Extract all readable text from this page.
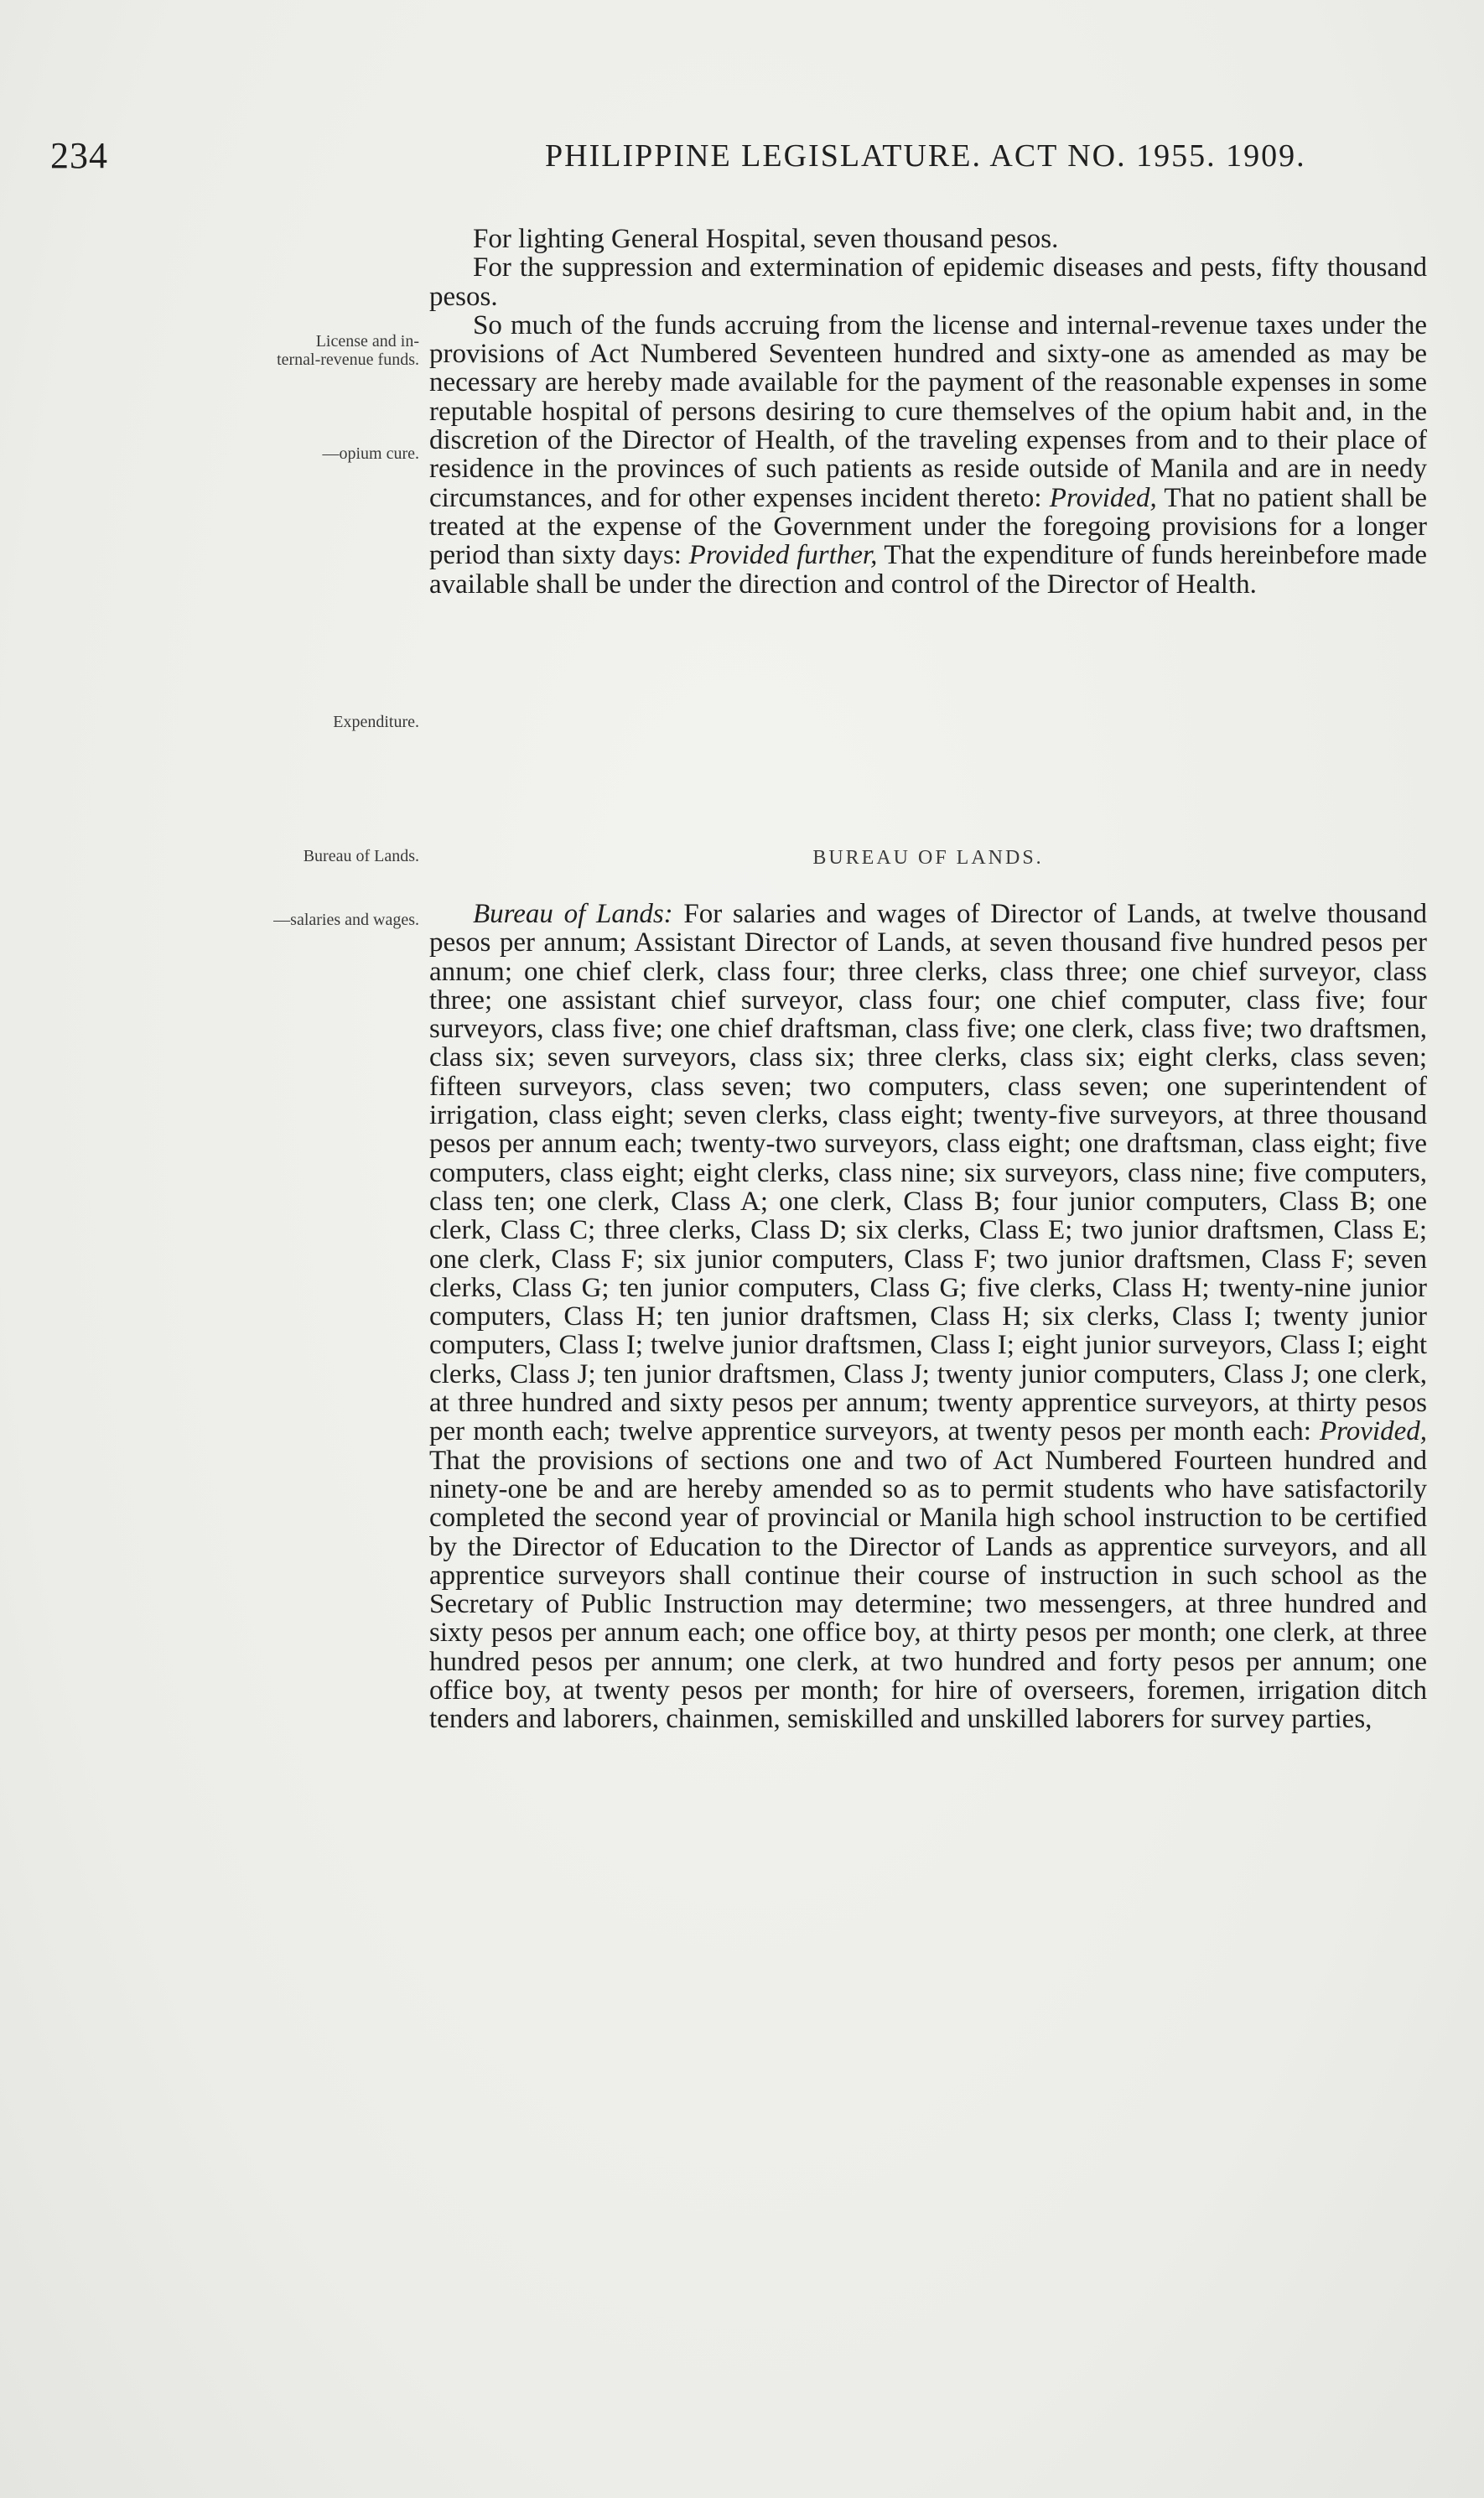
234	PHILIPPINE LEGISLATURE. ACT NO. 1955. 1909.
License and in-
ternal-revenue funds.
—opium cure.
Expenditure.
Bureau of Lands.
—salaries and wages.

For lighting General Hospital, seven thousand pesos.

For the suppression and extermination of epidemic diseases and pests, fifty thousand pesos.

So much of the funds accruing from the license and internal-revenue taxes under the provisions of Act Numbered Seventeen hundred and sixty-one as amended as may be necessary are hereby made available for the payment of the reasonable expenses in some reputable hospital of persons desiring to cure themselves of the opium habit and, in the discretion of the Director of Health, of the traveling expenses from and to their place of residence in the provinces of such patients as reside outside of Manila and are in needy circumstances, and for other expenses incident thereto: Provided, That no patient shall be treated at the expense of the Government under the foregoing provisions for a longer period than sixty days: Provided further, That the expenditure of funds hereinbefore made available shall be under the direction and control of the Director of Health.

BUREAU OF LANDS.

Bureau of Lands: For salaries and wages of Director of Lands, at twelve thousand pesos per annum; Assistant Director of Lands, at seven thousand five hundred pesos per annum; one chief clerk, class four; three clerks, class three; one chief surveyor, class three; one assistant chief surveyor, class four; one chief computer, class five; four surveyors, class five; one chief draftsman, class five; one clerk, class five; two draftsmen, class six; seven surveyors, class six; three clerks, class six; eight clerks, class seven; fifteen surveyors, class seven; two computers, class seven; one superintendent of irrigation, class eight; seven clerks, class eight; twenty-five surveyors, at three thousand pesos per annum each; twenty-two surveyors, class eight; one draftsman, class eight; five computers, class eight; eight clerks, class nine; six surveyors, class nine; five computers, class ten; one clerk, Class A; one clerk, Class B; four junior computers, Class B; one clerk, Class C; three clerks, Class D; six clerks, Class E; two junior draftsmen, Class E; one clerk, Class F; six junior computers, Class F; two junior draftsmen, Class F; seven clerks, Class G; ten junior computers, Class G; five clerks, Class H; twenty-nine junior computers, Class H; ten junior draftsmen, Class H; six clerks, Class I; twenty junior computers, Class I; twelve junior draftsmen, Class I; eight junior surveyors, Class I; eight clerks, Class J; ten junior draftsmen, Class J; twenty junior computers, Class J; one clerk, at three hundred and sixty pesos per annum; twenty apprentice surveyors, at thirty pesos per month each; twelve apprentice surveyors, at twenty pesos per month each: Provided, That the provisions of sections one and two of Act Numbered Fourteen hundred and ninety-one be and are hereby amended so as to permit students who have satisfactorily completed the second year of provincial or Manila high school instruction to be certified by the Director of Education to the Director of Lands as apprentice surveyors, and all apprentice surveyors shall continue their course of instruction in such school as the Secretary of Public Instruction may determine; two messengers, at three hundred and sixty pesos per annum each; one office boy, at thirty pesos per month; one clerk, at three hundred pesos per annum; one clerk, at two hundred and forty pesos per annum; one office boy, at twenty pesos per month; for hire of overseers, foremen, irrigation ditch tenders and laborers, chainmen, semiskilled and unskilled laborers for survey parties,
